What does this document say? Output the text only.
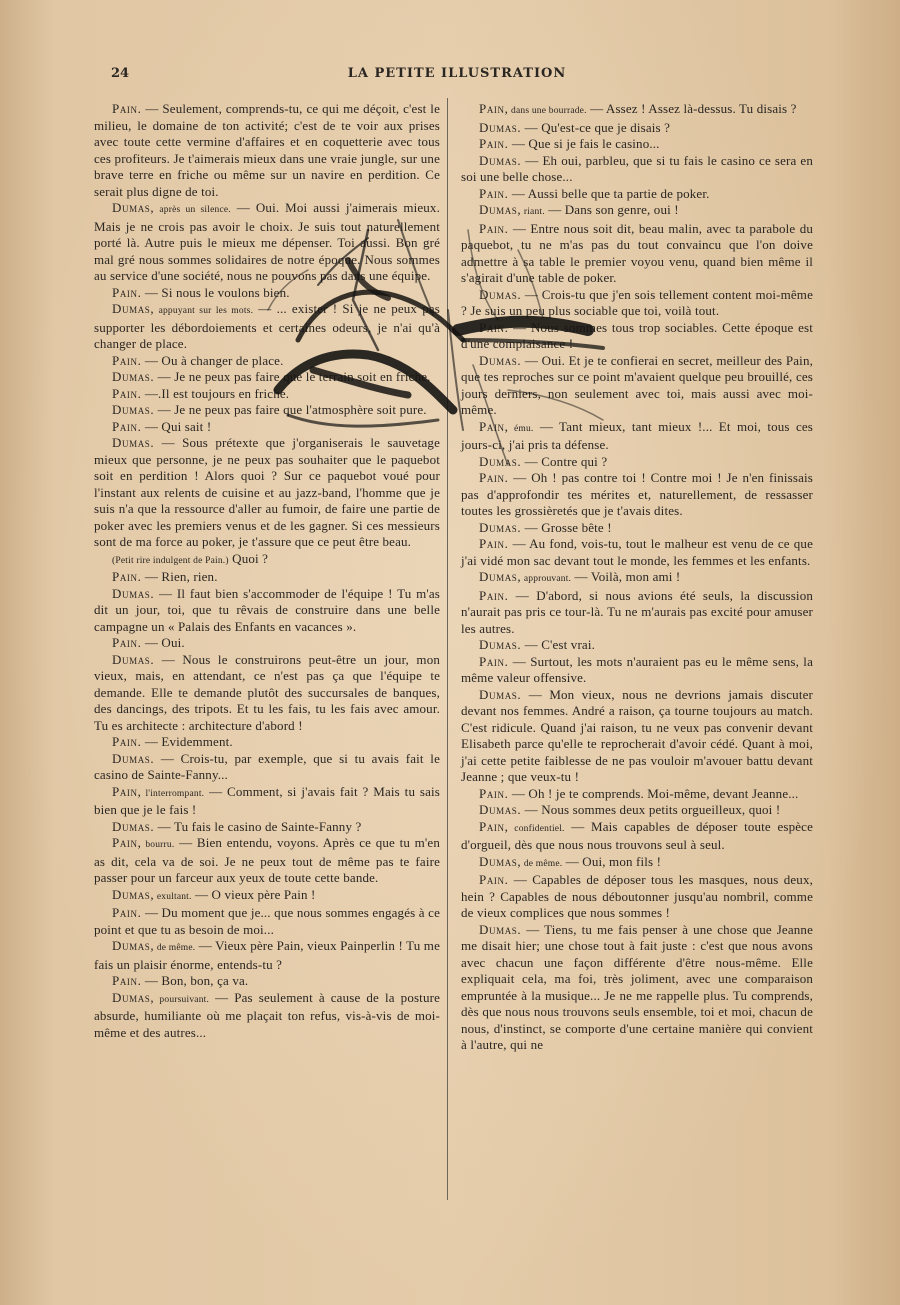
24	LA PETITE ILLUSTRATION

Pain. — Seulement, comprends-tu, ce qui me déçoit, c'est le milieu, le domaine de ton activité; c'est de te voir aux prises avec toute cette vermine d'affaires et en coquetterie avec tous ces profiteurs. Je t'aimerais mieux dans une vraie jungle, sur une brave terre en friche ou même sur un navire en perdition. Ce serait plus digne de toi.

Dumas, après un silence. — Oui. Moi aussi j'aimerais mieux. Mais je ne crois pas avoir le choix. Je suis tout naturellement porté là. Autre puis le mieux me dépenser. Toi aussi. Bon gré mal gré nous sommes solidaires de notre époque. Nous sommes au service d'une société, nous ne pouvons pas dans une équipe.

Pain. — Si nous le voulons bien.

Dumas, appuyant sur les mots. — ... exister ! Si je ne peux pas supporter les débordoiements et certaines odeurs, je n'ai qu'à changer de place.

Pain. — Ou à changer de place.

Dumas. — Je ne peux pas faire que le terrain soit en friche.

Pain. —.Il est toujours en friche.

Dumas. — Je ne peux pas faire que l'atmosphère soit pure.

Pain. — Qui sait !

Dumas. — Sous prétexte que j'organiserais le sauvetage mieux que personne, je ne peux pas souhaiter que le paquebot soit en perdition ! Alors quoi ? Sur ce paquebot voué pour l'instant aux relents de cuisine et au jazz-band, l'homme que je suis n'a que la ressource d'aller au fumoir, de faire une partie de poker avec les premiers venus et de les gagner. Si ces messieurs sont de ma force au poker, je t'assure que ce peut être beau.

(Petit rire indulgent de Pain.) Quoi ?

Pain. — Rien, rien.

Dumas. — Il faut bien s'accommoder de l'équipe ! Tu m'as dit un jour, toi, que tu rêvais de construire dans une belle campagne un « Palais des Enfants en vacances ».

Pain. — Oui.

Dumas. — Nous le construirons peut-être un jour, mon vieux, mais, en attendant, ce n'est pas ça que l'équipe te demande. Elle te demande plutôt des succursales de banques, des dancings, des tripots. Et tu les fais, tu les fais avec amour. Tu es architecte : architecture d'abord !

Pain. — Evidemment.

Dumas. — Crois-tu, par exemple, que si tu avais fait le casino de Sainte-Fanny...

Pain, l'interrompant. — Comment, si j'avais fait ? Mais tu sais bien que je le fais !

Dumas. — Tu fais le casino de Sainte-Fanny ?

Pain, bourru. — Bien entendu, voyons. Après ce que tu m'en as dit, cela va de soi. Je ne peux tout de même pas te faire passer pour un farceur aux yeux de toute cette bande.

Dumas, exultant. — O vieux père Pain !

Pain. — Du moment que je... que nous sommes engagés à ce point et que tu as besoin de moi...

Dumas, de même. — Vieux père Pain, vieux Painperlin ! Tu me fais un plaisir énorme, entends-tu ?

Pain. — Bon, bon, ça va.

Dumas, poursuivant. — Pas seulement à cause de la posture absurde, humiliante où me plaçait ton refus, vis-à-vis de moi-même et des autres...

Pain, dans une bourrade. — Assez ! Assez là-dessus. Tu disais ?

Dumas. — Qu'est-ce que je disais ?

Pain. — Que si je fais le casino...

Dumas. — Eh oui, parbleu, que si tu fais le casino ce sera en soi une belle chose...

Pain. — Aussi belle que ta partie de poker.

Dumas, riant. — Dans son genre, oui !

Pain. — Entre nous soit dit, beau malin, avec ta parabole du paquebot, tu ne m'as pas du tout convaincu que l'on doive admettre à sa table le premier voyou venu, quand bien même il s'agirait d'une table de poker.

Dumas. — Crois-tu que j'en sois tellement content moi-même ? Je suis un peu plus sociable que toi, voilà tout.

Pain. — Nous sommes tous trop sociables. Cette époque est d'une complaisance !

Dumas. — Oui. Et je te confierai en secret, meilleur des Pain, que tes reproches sur ce point m'avaient quelque peu brouillé, ces jours derniers, non seulement avec toi, mais aussi avec moi-même.

Pain, ému. — Tant mieux, tant mieux !... Et moi, tous ces jours-ci, j'ai pris ta défense.

Dumas. — Contre qui ?

Pain. — Oh ! pas contre toi ! Contre moi ! Je n'en finissais pas d'approfondir tes mérites et, naturellement, de ressasser toutes les grossièretés que je t'avais dites.

Dumas. — Grosse bête !

Pain. — Au fond, vois-tu, tout le malheur est venu de ce que j'ai vidé mon sac devant tout le monde, les femmes et les enfants.

Dumas, approuvant. — Voilà, mon ami !

Pain. — D'abord, si nous avions été seuls, la discussion n'aurait pas pris ce tour-là. Tu ne m'aurais pas excité pour amuser les autres.

Dumas. — C'est vrai.

Pain. — Surtout, les mots n'auraient pas eu le même sens, la même valeur offensive.

Dumas. — Mon vieux, nous ne devrions jamais discuter devant nos femmes. André a raison, ça tourne toujours au match. C'est ridicule. Quand j'ai raison, tu ne veux pas convenir devant Elisabeth parce qu'elle te reprocherait d'avoir cédé. Quant à moi, j'ai cette petite faiblesse de ne pas vouloir m'avouer battu devant Jeanne ; que veux-tu !

Pain. — Oh ! je te comprends. Moi-même, devant Jeanne...

Dumas. — Nous sommes deux petits orgueilleux, quoi !

Pain, confidentiel. — Mais capables de déposer toute espèce d'orgueil, dès que nous nous trouvons seul à seul.

Dumas, de même. — Oui, mon fils !

Pain. — Capables de déposer tous les masques, nous deux, hein ? Capables de nous déboutonner jusqu'au nombril, comme de vieux complices que nous sommes !

Dumas. — Tiens, tu me fais penser à une chose que Jeanne me disait hier; une chose tout à fait juste : c'est que nous avons avec chacun une façon différente d'être nous-même. Elle expliquait cela, ma foi, très joliment, avec une comparaison empruntée à la musique... Je ne me rappelle plus. Tu comprends, dès que nous nous trouvons seuls ensemble, toi et moi, chacun de nous, d'instinct, se comporte d'une certaine manière qui convient à l'autre, qui ne
